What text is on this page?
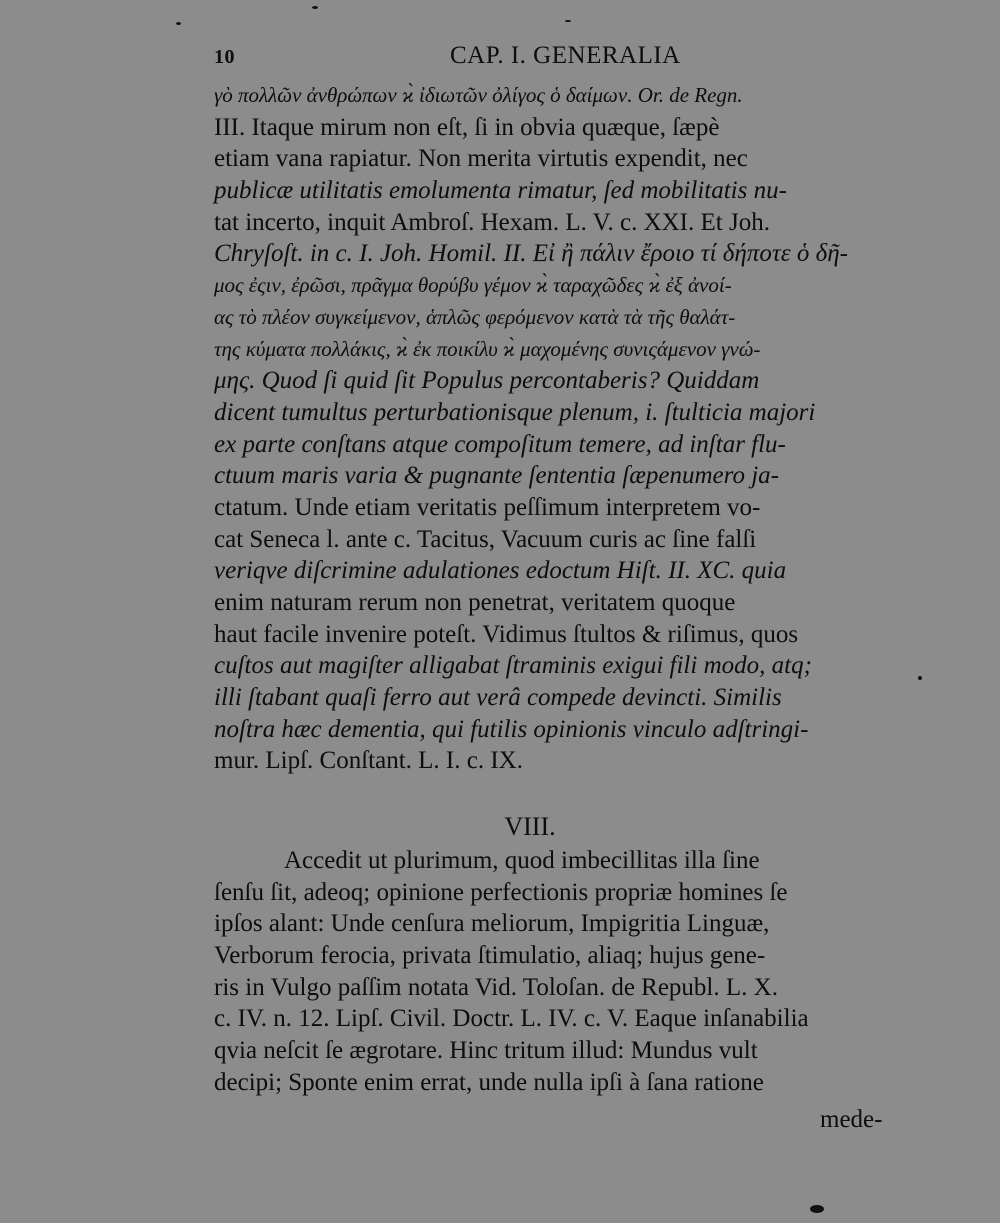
10	CAP. I. GENERALIA
γὸ πολλῶν ἀνθρώπων ϰ̀ ἰδιωτῶν ὀλίγος ὁ δαίμων. Or. de Regn.
III. Itaque mirum non eſt, ſi in obvia quæque, ſæpè
etiam vana rapiatur. Non merita virtutis expendit, nec
publicæ utilitatis emolumenta rimatur, ſed mobilitatis nu-
tat incerto, inquit Ambroſ. Hexam. L. V. c. XXI. Et Joh.
Chryſoſt. in c. I. Joh. Homil. II. Εἰ ἢ πάλιν ἔροιο τί δήποτε ὁ δῆ-
μος ἐςιν, ἐρῶσι, πρᾶγμα θορύβυ γέμον ϰ̀ ταραχῶδες ϰ̀ ἐξ ἀνοί-
ας τὸ πλέον συγκείμενον, ἁπλῶς φερόμενον κατὰ τὰ τῆς θαλάτ-
της κύματα πολλάκις, ϰ̀ ἐκ ποικίλυ ϰ̀ μαχομένης συνιςάμενον γνώ-
μης. Quod ſi quid ſit Populus percontaberis? Quiddam
dicent tumultus perturbationisque plenum, i. ſtulticia majori
ex parte conſtans atque compoſitum temere, ad inſtar flu-
ctuum maris varia & pugnante ſententia ſæpenumero ja-
ctatum. Unde etiam veritatis peſſimum interpretem vo-
cat Seneca l. ante c. Tacitus, Vacuum curis ac ſine falſi
veriqve diſcrimine adulationes edoctum Hiſt. II. XC. quia
enim naturam rerum non penetrat, veritatem quoque
haut facile invenire poteſt. Vidimus ſtultos & riſimus, quos
cuſtos aut magiſter alligabat ſtraminis exigui fili modo, atq;
illi ſtabant quaſi ferro aut verâ compede devincti. Similis
noſtra hæc dementia, qui futilis opinionis vinculo adſtringi-
mur. Lipſ. Conſtant. L. I. c. IX.
VIII.
Accedit ut plurimum, quod imbecillitas illa ſine
ſenſu ſit, adeoq; opinione perfectionis propriæ homines ſe
ipſos alant: Unde cenſura meliorum, Impigritia Linguæ,
Verborum ferocia, privata ſtimulatio, aliaq; hujus gene-
ris in Vulgo paſſim notata Vid. Toloſan. de Republ. L. X.
c. IV. n. 12. Lipſ. Civil. Doctr. L. IV. c. V. Eaque inſanabilia
qvia neſcit ſe ægrotare. Hinc tritum illud: Mundus vult
decipi; Sponte enim errat, unde nulla ipſi à ſana ratione
mede-
